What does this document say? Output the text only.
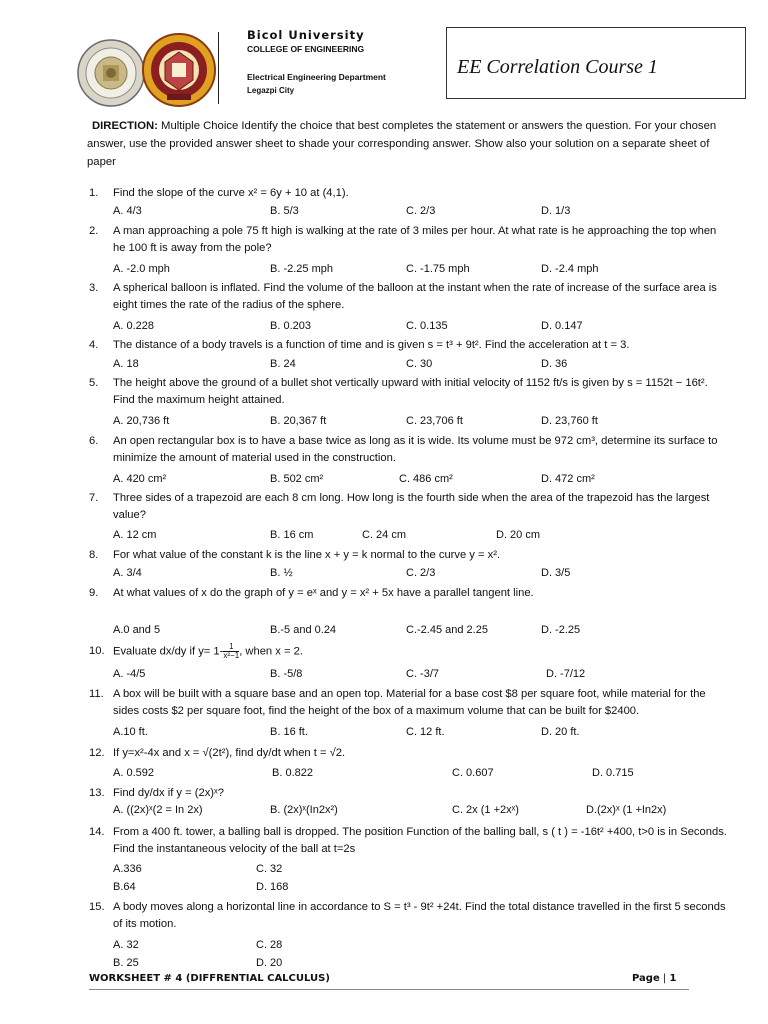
Bicol University
COLLEGE OF ENGINEERING
Electrical Engineering Department
Legazpi City
EE Correlation Course 1
DIRECTION: Multiple Choice Identify the choice that best completes the statement or answers the question. For your chosen answer, use the provided answer sheet to shade your corresponding answer. Show also your solution on a separate sheet of paper
1.	Find the slope of the curve x² = 6y + 10 at (4,1).
A. 4/3	B. 5/3	C. 2/3	D. 1/3
2.	A man approaching a pole 75 ft high is walking at the rate of 3 miles per hour. At what rate is he approaching the top when he 100 ft is away from the pole?
A. -2.0 mph	B. -2.25 mph	C. -1.75 mph	D. -2.4 mph
3.	A spherical balloon is inflated. Find the volume of the balloon at the instant when the rate of increase of the surface area is eight times the rate of the radius of the sphere.
A. 0.228	B. 0.203	C. 0.135	D. 0.147
4.	The distance of a body travels is a function of time and is given s = t³ + 9t². Find the acceleration at t = 3.
A. 18	B. 24	C. 30	D. 36
5.	The height above the ground of a bullet shot vertically upward with initial velocity of 1152 ft/s is given by s = 1152t − 16t². Find the maximum height attained.
A. 20,736 ft	B. 20,367 ft	C. 23,706 ft	D. 23,760 ft
6.	An open rectangular box is to have a base twice as long as it is wide. Its volume must be 972 cm³, determine its surface to minimize the amount of material used in the construction.
A. 420 cm²	B. 502 cm²	C. 486 cm²	D. 472 cm²
7.	Three sides of a trapezoid are each 8 cm long. How long is the fourth side when the area of the trapezoid has the largest value?
A. 12 cm	B. 16 cm	C. 24 cm	D. 20 cm
8.	For what value of the constant k is the line x + y = k normal to the curve y = x².
A. 3/4	B. ½	C. 2/3	D. 3/5
9.	At what values of x do the graph of y = eˣ and y = x² + 5x have a parallel tangent line.
A.0 and 5	B.-5 and 0.24	C.-2.45 and 2.25	D. -2.25
10. Evaluate dx/dy if $y= 1- \frac{1}{\text{x²−1}}$, when x = 2.
A. -4/5	B. -5/8	C. -3/7	D. -7/12
11. A box will be built with a square base and an open top. Material for a base cost $8 per square foot, while material for the sides costs $2 per square foot, find the height of the box of a maximum volume that can be built for $2400.
A.10 ft.	B. 16 ft.	C. 12 ft.	D. 20 ft.
12. If y=x²-4x and x = √(2t²), find dy/dt when t = √2.
A. 0.592	B. 0.822	C. 0.607	D. 0.715
13. Find dy/dx if y = (2x)ˣ?
A. ((2x)ˣ(2 = In 2x)	B. (2x)ˣ(In2x²)	C. 2x (1 +2xˣ)	D.(2x)ˣ (1 +In2x)
14. From a 400 ft. tower, a balling ball is dropped. The position Function of the balling ball, s ( t ) = -16t² +400, t>0 is in Seconds. Find the instantaneous velocity of the ball at t=2s
A.336	C. 32
B.64	D. 168
15. A body moves along a horizontal line in accordance to S = t³ - 9t² +24t. Find the total distance travelled in the first 5 seconds of its motion.
A. 32	C. 28
B. 25	D. 20
WORKSHEET # 4 (DIFFRENTIAL CALCULUS)	Page | 1
